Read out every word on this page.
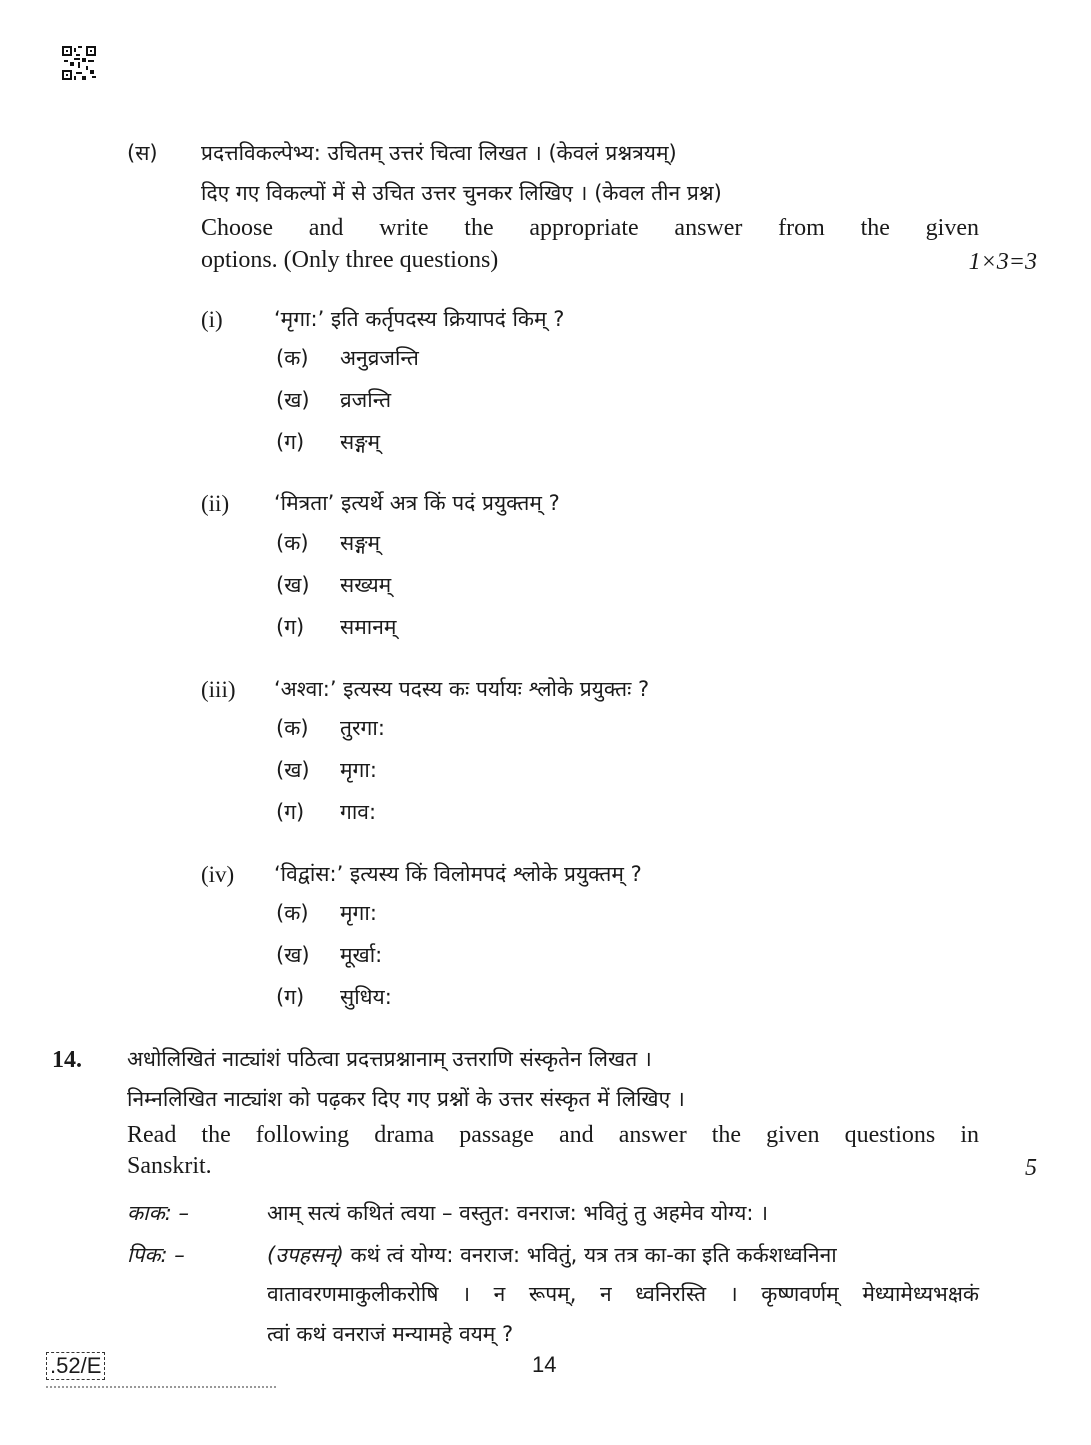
(स) प्रदत्तविकल्पेभ्य: उचितम् उत्तरं चित्वा लिखत । (केवलं प्रश्नत्रयम्)
दिए गए विकल्पों में से उचित उत्तर चुनकर लिखिए । (केवल तीन प्रश्न)
Choose and write the appropriate answer from the given
options. (Only three questions)	1×3=3
(i) ‘मृगा:’ इति कर्तृपदस्य क्रियापदं किम् ?
(क) अनुव्रजन्ति
(ख) व्रजन्ति
(ग) सङ्गम्
(ii) ‘मित्रता’ इत्यर्थे अत्र किं पदं प्रयुक्तम् ?
(क) सङ्गम्
(ख) सख्यम्
(ग) समानम्
(iii) ‘अश्वा:’ इत्यस्य पदस्य कः पर्यायः श्लोके प्रयुक्तः ?
(क) तुरगा:
(ख) मृगा:
(ग) गाव:
(iv) ‘विद्वांस:’ इत्यस्य किं विलोमपदं श्लोके प्रयुक्तम् ?
(क) मृगा:
(ख) मूर्खा:
(ग) सुधिय:
14. अधोलिखितं नाट्यांशं पठित्वा प्रदत्तप्रश्नानाम् उत्तराणि संस्कृतेन लिखत ।
निम्नलिखित नाट्यांश को पढ़कर दिए गए प्रश्नों के उत्तर संस्कृत में लिखिए ।
Read the following drama passage and answer the given questions in
Sanskrit.	5
काक: –	आम् सत्यं कथितं त्वया – वस्तुत: वनराज: भवितुं तु अहमेव योग्य: ।
पिक: –	(उपहसन्) कथं त्वं योग्य: वनराज: भवितुं, यत्र तत्र का-का इति कर्कशध्वनिना
वातावरणमाकुलीकरोषि । न रूपम्, न ध्वनिरस्ति । कृष्णवर्णम् मेध्यामेध्यभक्षकं
त्वां कथं वनराजं मन्यामहे वयम् ?
.52/E	14
